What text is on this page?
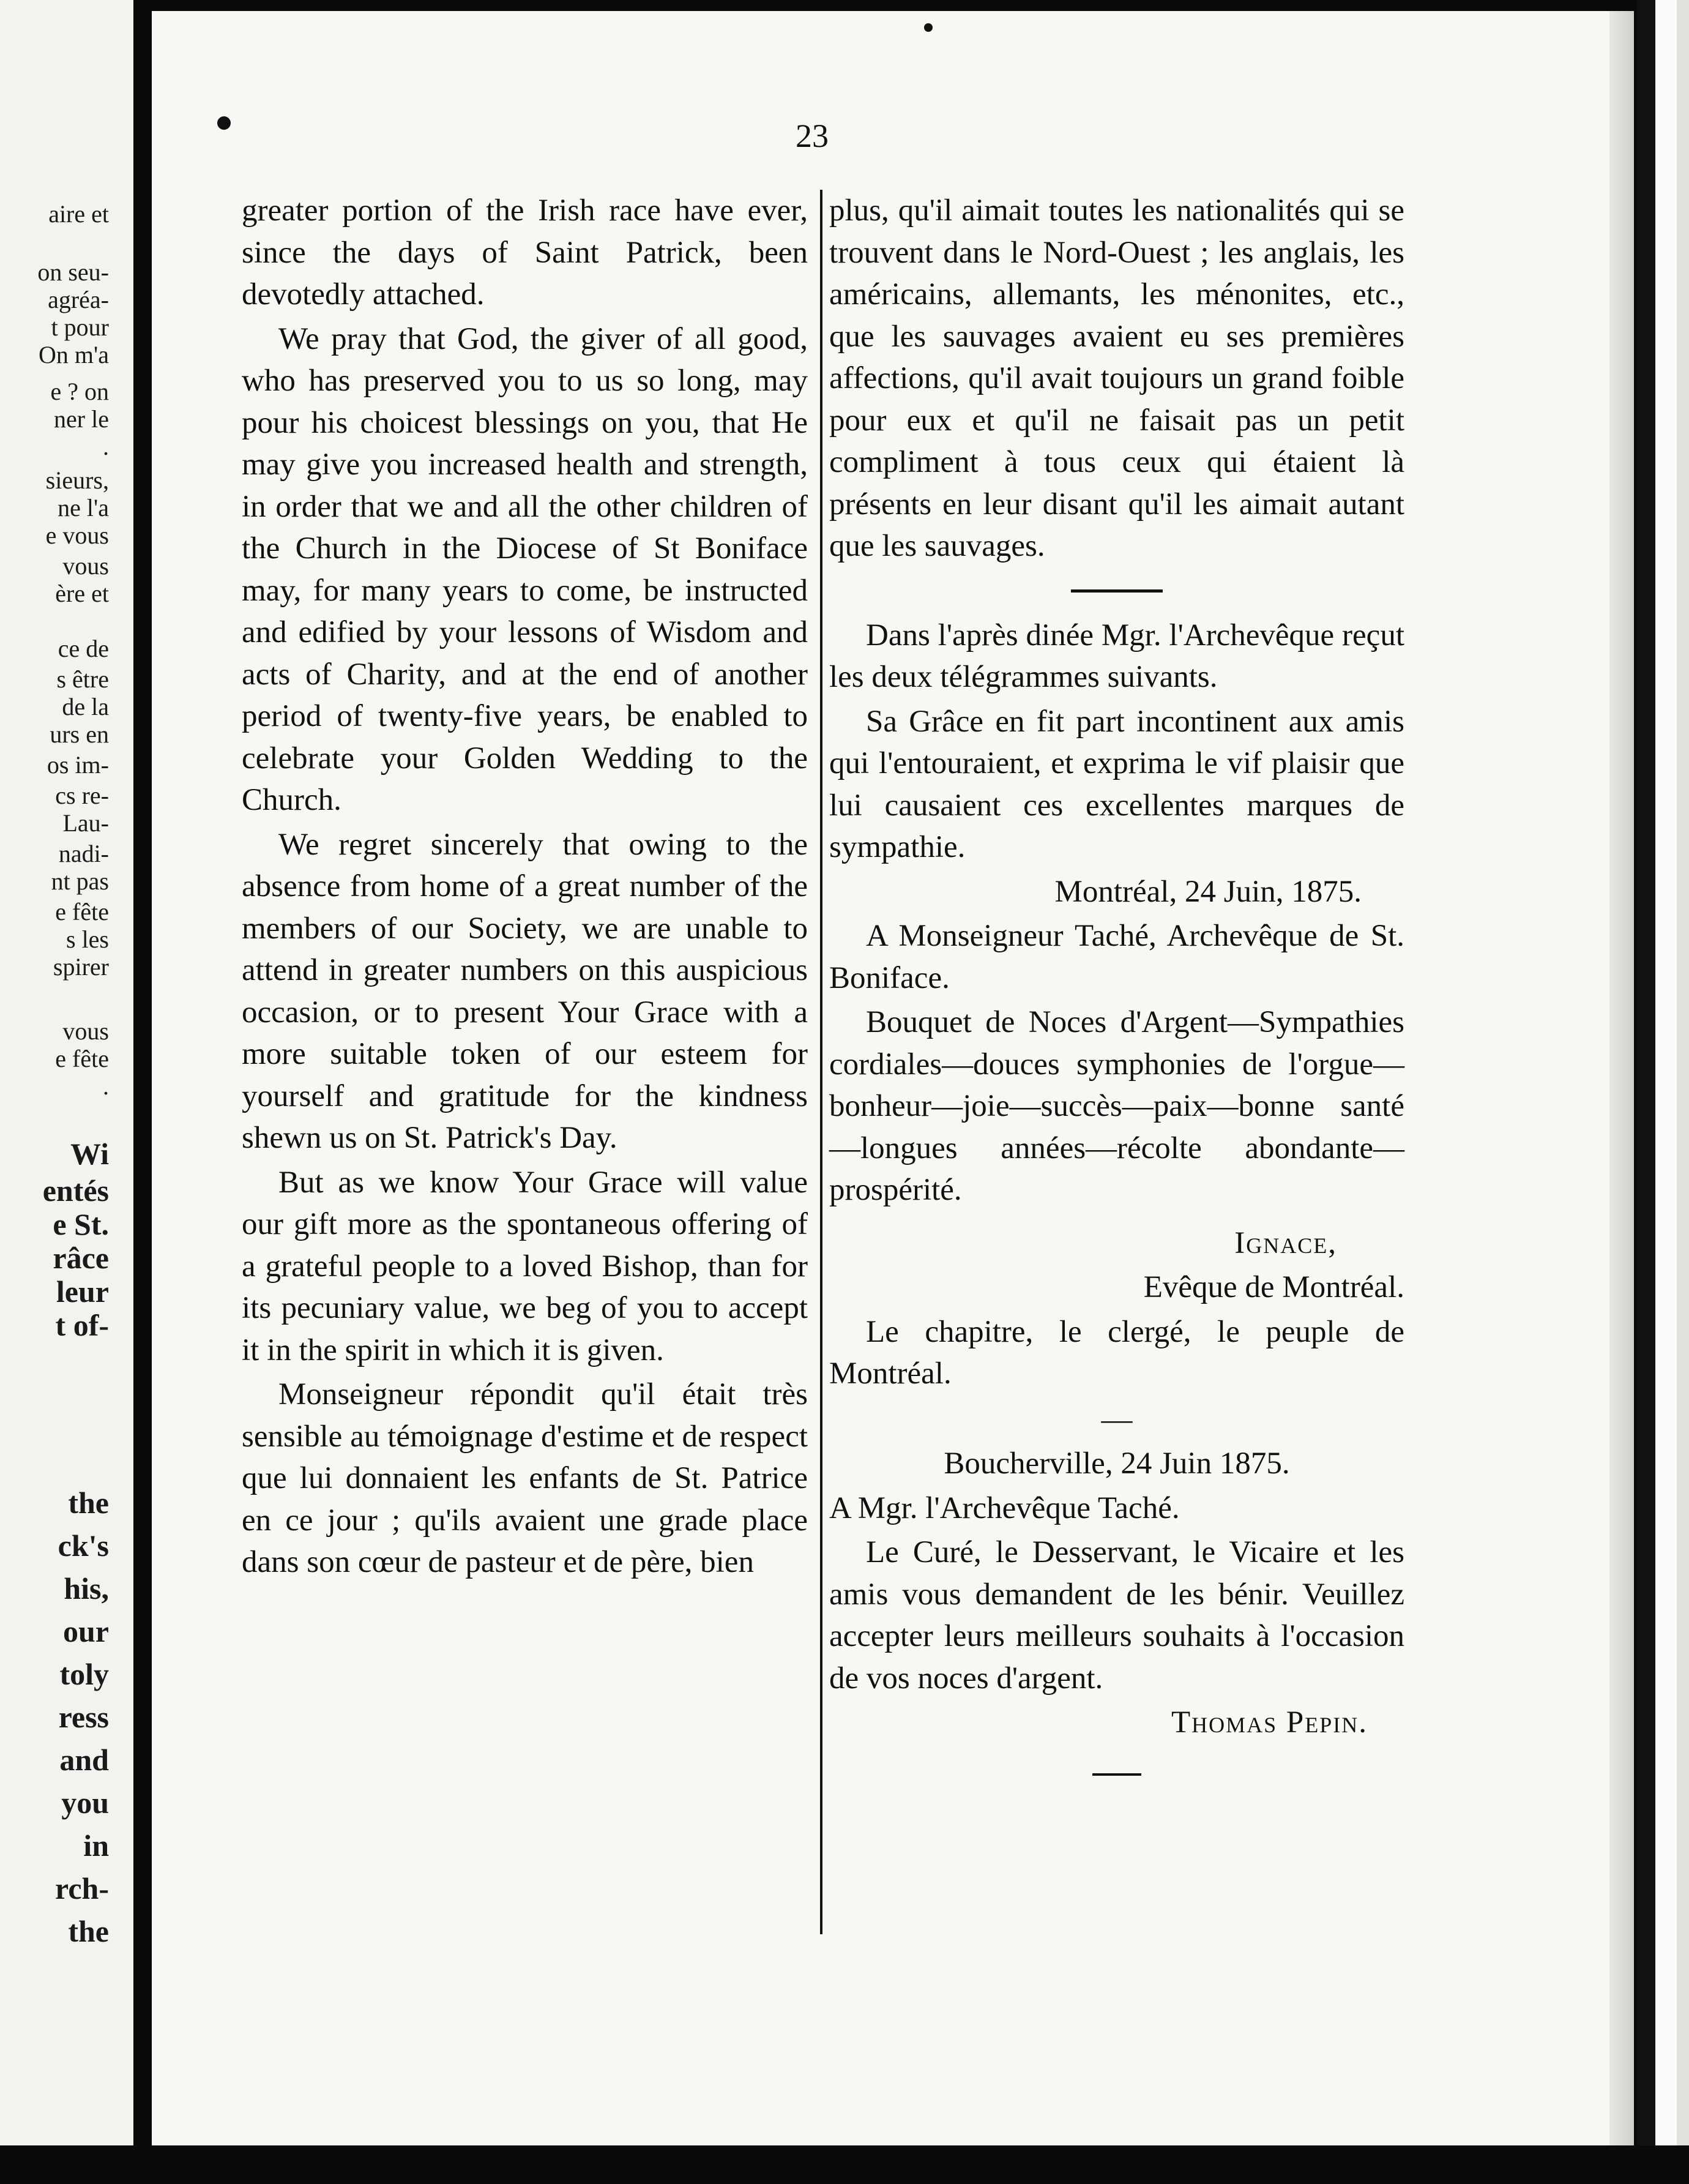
aire et
on seu-
agréa-
t pour
On m'a
e ? on
ner le
.
sieurs,
ne l'a
e vous
vous
ère et
ce de
s être
de la
urs en
os im-
cs re-
Lau-
nadi-
nt pas
e fête
s les
spirer
vous
e fête
.
Wi
entés
e St.
râce
leur
t of-
the
ck's
his,
our
toly
ress
and
you
in
rch-
the
23

greater portion of the Irish race have ever, since the days of Saint Patrick, been devotedly attached.

We pray that God, the giver of all good, who has preserved you to us so long, may pour his choicest blessings on you, that He may give you increased health and strength, in order that we and all the other children of the Church in the Diocese of St Boniface may, for many years to come, be instructed and edified by your lessons of Wisdom and acts of Charity, and at the end of another period of twenty-five years, be enabled to celebrate your Golden Wedding to the Church.

We regret sincerely that owing to the absence from home of a great number of the members of our Society, we are unable to attend in greater numbers on this auspicious occasion, or to present Your Grace with a more suitable token of our esteem for yourself and gratitude for the kindness shewn us on St. Patrick's Day.

But as we know Your Grace will value our gift more as the spontaneous offering of a grateful people to a loved Bishop, than for its pecuniary value, we beg of you to accept it in the spirit in which it is given.

Monseigneur répondit qu'il était très sensible au témoignage d'estime et de respect que lui donnaient les enfants de St. Patrice en ce jour ; qu'ils avaient une grade place dans son cœur de pasteur et de père, bien

plus, qu'il aimait toutes les nationalités qui se trouvent dans le Nord-Ouest ; les anglais, les américains, allemants, les ménonites, etc., que les sauvages avaient eu ses premières affections, qu'il avait toujours un grand foible pour eux et qu'il ne faisait pas un petit compliment à tous ceux qui étaient là présents en leur disant qu'il les aimait autant que les sauvages.

Dans l'après dinée Mgr. l'Archevêque reçut les deux télégrammes suivants.

Sa Grâce en fit part incontinent aux amis qui l'entouraient, et exprima le vif plaisir que lui causaient ces excellentes marques de sympathie.

Montréal, 24 Juin, 1875.

A Monseigneur Taché, Archevêque de St. Boniface.

Bouquet de Noces d'Argent—Sympathies cordiales—douces symphonies de l'orgue—bonheur—joie—succès—paix—bonne santé—longues années—récolte abondante—prospérité.

Ignace,

Evêque de Montréal.

Le chapitre, le clergé, le peuple de Montréal.

—

Boucherville, 24 Juin 1875.

A Mgr. l'Archevêque Taché.

Le Curé, le Desservant, le Vicaire et les amis vous demandent de les bénir. Veuillez accepter leurs meilleurs souhaits à l'occasion de vos noces d'argent.

Thomas Pepin.
